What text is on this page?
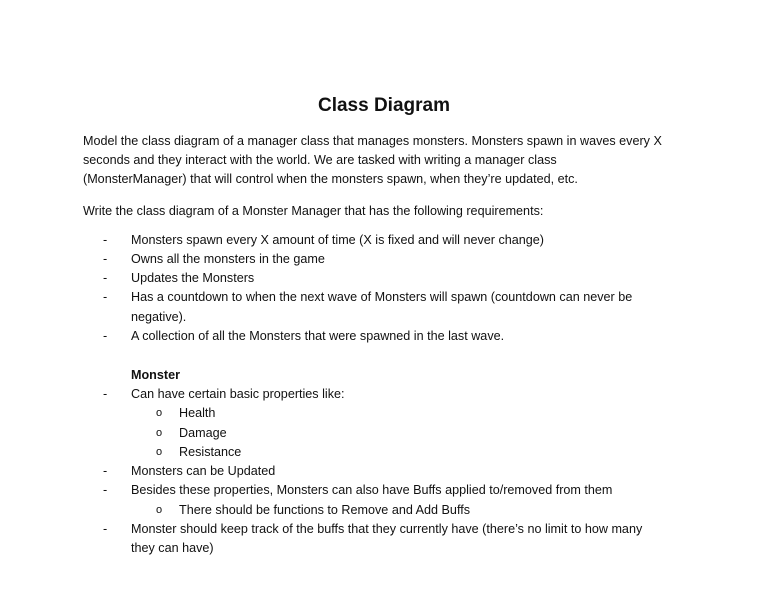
Class Diagram
Model the class diagram of a manager class that manages monsters. Monsters spawn in waves every X
seconds and they interact with the world. We are tasked with writing a manager class
(MonsterManager) that will control when the monsters spawn, when they’re updated, etc.
Write the class diagram of a Monster Manager that has the following requirements:
- Monsters spawn every X amount of time (X is fixed and will never change)
- Owns all the monsters in the game
- Updates the Monsters
- Has a countdown to when the next wave of Monsters will spawn (countdown can never be
negative).
- A collection of all the Monsters that were spawned in the last wave.
Monster
- Can have certain basic properties like:
o Health
o Damage
o Resistance
- Monsters can be Updated
- Besides these properties, Monsters can also have Buffs applied to/removed from them
o There should be functions to Remove and Add Buffs
- Monster should keep track of the buffs that they currently have (there’s no limit to how many
they can have)
